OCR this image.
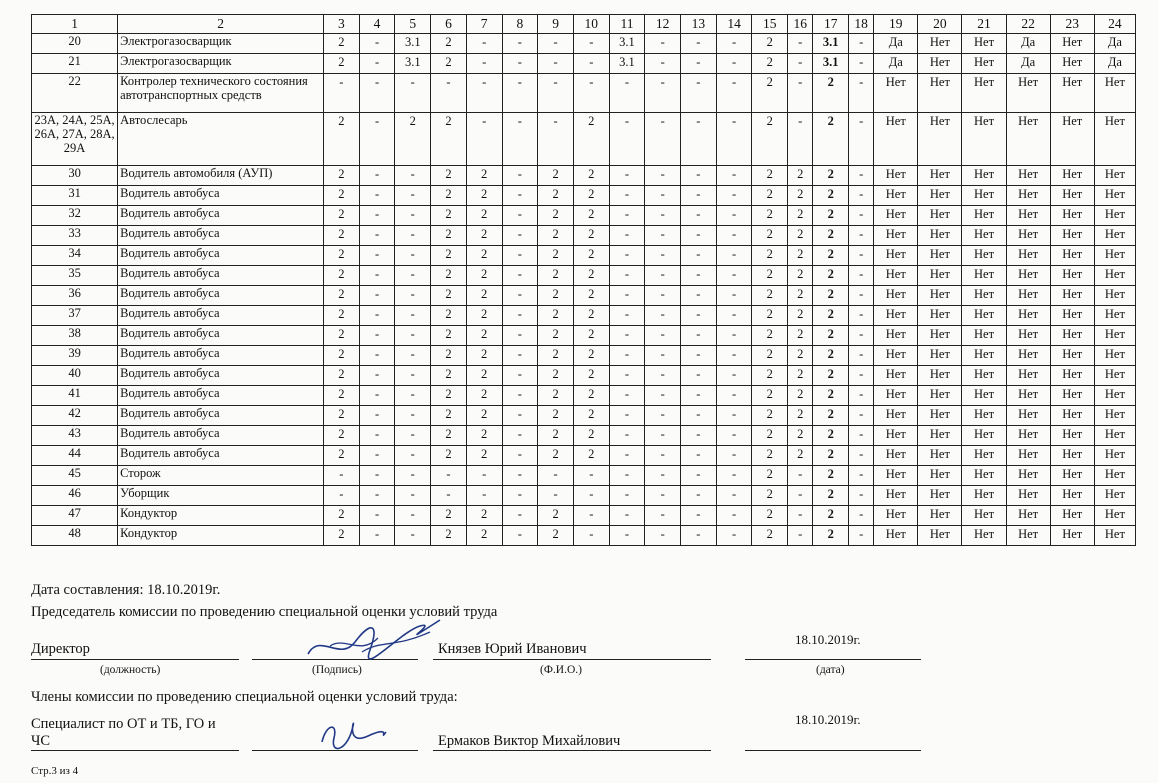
1	2	3	4	5	6	7	8	9	10	11	12	13	14	15	16	17	18	19	20	21	22	23	24
20	Электрогазосварщик	2	-	3.1	2	-	-	-	-	3.1	-	-	-	2	-	3.1	-	Да	Нет	Нет	Да	Нет	Да
21	Электрогазосварщик	2	-	3.1	2	-	-	-	-	3.1	-	-	-	2	-	3.1	-	Да	Нет	Нет	Да	Нет	Да
22	Контролер технического состояния автотранспортных средств	-	-	-	-	-	-	-	-	-	-	-	-	2	-	2	-	Нет	Нет	Нет	Нет	Нет	Нет
23А, 24А, 25А, 26А, 27А, 28А, 29А	Автослесарь	2	-	2	2	-	-	-	2	-	-	-	-	2	-	2	-	Нет	Нет	Нет	Нет	Нет	Нет
30	Водитель автомобиля (АУП)	2	-	-	2	2	-	2	2	-	-	-	-	2	2	2	-	Нет	Нет	Нет	Нет	Нет	Нет
31	Водитель автобуса	2	-	-	2	2	-	2	2	-	-	-	-	2	2	2	-	Нет	Нет	Нет	Нет	Нет	Нет
32	Водитель автобуса	2	-	-	2	2	-	2	2	-	-	-	-	2	2	2	-	Нет	Нет	Нет	Нет	Нет	Нет
33	Водитель автобуса	2	-	-	2	2	-	2	2	-	-	-	-	2	2	2	-	Нет	Нет	Нет	Нет	Нет	Нет
34	Водитель автобуса	2	-	-	2	2	-	2	2	-	-	-	-	2	2	2	-	Нет	Нет	Нет	Нет	Нет	Нет
35	Водитель автобуса	2	-	-	2	2	-	2	2	-	-	-	-	2	2	2	-	Нет	Нет	Нет	Нет	Нет	Нет
36	Водитель автобуса	2	-	-	2	2	-	2	2	-	-	-	-	2	2	2	-	Нет	Нет	Нет	Нет	Нет	Нет
37	Водитель автобуса	2	-	-	2	2	-	2	2	-	-	-	-	2	2	2	-	Нет	Нет	Нет	Нет	Нет	Нет
38	Водитель автобуса	2	-	-	2	2	-	2	2	-	-	-	-	2	2	2	-	Нет	Нет	Нет	Нет	Нет	Нет
39	Водитель автобуса	2	-	-	2	2	-	2	2	-	-	-	-	2	2	2	-	Нет	Нет	Нет	Нет	Нет	Нет
40	Водитель автобуса	2	-	-	2	2	-	2	2	-	-	-	-	2	2	2	-	Нет	Нет	Нет	Нет	Нет	Нет
41	Водитель автобуса	2	-	-	2	2	-	2	2	-	-	-	-	2	2	2	-	Нет	Нет	Нет	Нет	Нет	Нет
42	Водитель автобуса	2	-	-	2	2	-	2	2	-	-	-	-	2	2	2	-	Нет	Нет	Нет	Нет	Нет	Нет
43	Водитель автобуса	2	-	-	2	2	-	2	2	-	-	-	-	2	2	2	-	Нет	Нет	Нет	Нет	Нет	Нет
44	Водитель автобуса	2	-	-	2	2	-	2	2	-	-	-	-	2	2	2	-	Нет	Нет	Нет	Нет	Нет	Нет
45	Сторож	-	-	-	-	-	-	-	-	-	-	-	-	2	-	2	-	Нет	Нет	Нет	Нет	Нет	Нет
46	Уборщик	-	-	-	-	-	-	-	-	-	-	-	-	2	-	2	-	Нет	Нет	Нет	Нет	Нет	Нет
47	Кондуктор	2	-	-	2	2	-	2	-	-	-	-	-	2	-	2	-	Нет	Нет	Нет	Нет	Нет	Нет
48	Кондуктор	2	-	-	2	2	-	2	-	-	-	-	-	2	-	2	-	Нет	Нет	Нет	Нет	Нет	Нет
Дата составления: 18.10.2019г.
Председатель комиссии по проведению специальной оценки условий труда
Директор	Князев Юрий Иванович
18.10.2019г.
(должность)	(Подпись)	(Ф.И.О.)	(дата)
Члены комиссии по проведению специальной оценки условий труда:
Специалист по ОТ и ТБ, ГО и
ЧС	Ермаков Виктор Михайлович
18.10.2019г.
Стр.3 из 4
